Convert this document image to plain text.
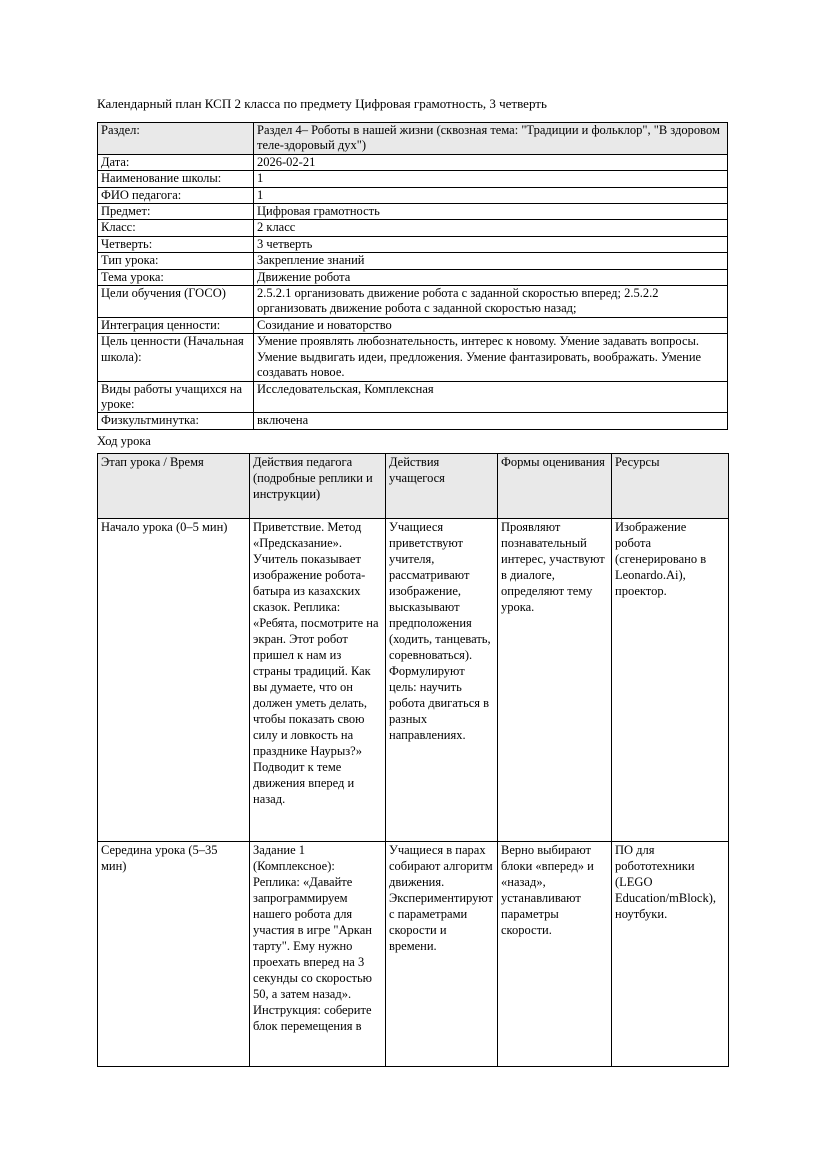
Календарный план КСП 2 класса по предмету Цифровая грамотность, 3 четверть
Раздел:	Раздел 4– Роботы в нашей жизни (сквозная тема: "Традиции и фольклор", "В здоровом теле-здоровый дух")
Дата:	2026-02-21
Наименование школы:	1
ФИО педагога:	1
Предмет:	Цифровая грамотность
Класс:	2 класс
Четверть:	3 четверть
Тип урока:	Закрепление знаний
Тема урока:	Движение робота
Цели обучения (ГОСО)	2.5.2.1 организовать движение робота с заданной скоростью вперед; 2.5.2.2 организовать движение робота с заданной скоростью назад;
Интеграция ценности:	Созидание и новаторство
Цель ценности (Начальная школа):	Умение проявлять любознательность, интерес к новому. Умение задавать вопросы. Умение выдвигать идеи, предложения. Умение фантазировать, воображать. Умение создавать новое.
Виды работы учащихся на уроке:	Исследовательская, Комплексная
Физкультминутка:	включена
Ход урока
Этап урока / Время	Действия педагога (подробные реплики и инструкции)	Действия учащегося	Формы оценивания	Ресурсы
Начало урока (0–5 мин)	Приветствие. Метод «Предсказание». Учитель показывает изображение робота-батыра из казахских сказок. Реплика: «Ребята, посмотрите на экран. Этот робот пришел к нам из страны традиций. Как вы думаете, что он должен уметь делать, чтобы показать свою силу и ловкость на празднике Наурыз?» Подводит к теме движения вперед и назад.	Учащиеся приветствуют учителя, рассматривают изображение, высказывают предположения (ходить, танцевать, соревноваться). Формулируют цель: научить робота двигаться в разных направлениях.	Проявляют познавательный интерес, участвуют в диалоге, определяют тему урока.	Изображение робота (сгенерировано в Leonardo.Ai), проектор.
Середина урока (5–35 мин)	Задание 1 (Комплексное): Реплика: «Давайте запрограммируем нашего робота для участия в игре "Аркан тарту". Ему нужно проехать вперед на 3 секунды со скоростью 50, а затем назад». Инструкция: соберите блок перемещения в	Учащиеся в парах собирают алгоритм движения. Экспериментируют с параметрами скорости и времени.	Верно выбирают блоки «вперед» и «назад», устанавливают параметры скорости.	ПО для робототехники (LEGO Education/mBlock), ноутбуки.
